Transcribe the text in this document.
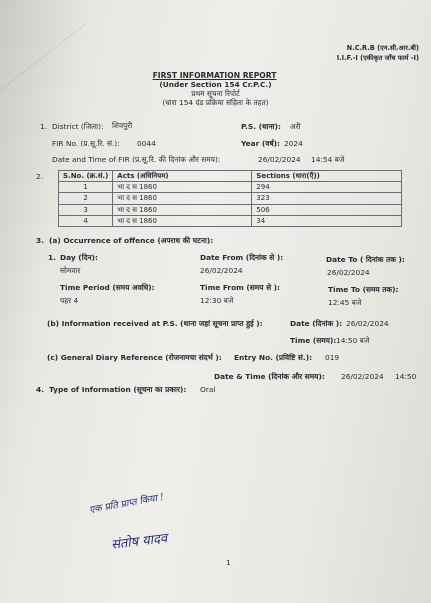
N.C.R.B (एन.सी.आर.बी)
I.I.F.-I (एकीकृत जाँच फार्म -I)
FIRST INFORMATION REPORT
(Under Section 154 Cr.P.C.)
प्रथम सूचना रिपोर्ट
(धारा 154 दंड प्रक्रिया संहिता के तहत)
1. District (जिला): शिवपुरी	P.S. (थाना): अरी
FIR No. (प्र.सू.रि. सं.): 0044	Year (वर्ष): 2024
Date and Time of FIR (प्र.सू.रि. की दिनांक और समय):	26/02/2024 14:54 बजे
2.	S.No. (क्र.सं.)	Acts (अधिनियम)	Sections (धारा(एँ))
1	भा द स 1860	294
2	भा द स 1860	323
3	भा द स 1860	506
4	भा द स 1860	34
3. (a) Occurrence of offence (अपराध की घटना):
1. Day (दिन):
सोमवार
Date From (दिनांक से ):
26/02/2024
Date To ( दिनांक तक ):
26/02/2024
Time Period (समय अवधि):
पहर 4
Time From (समय से ):
12:30 बजे
Time To (समय तक):
12:45 बजे
(b) Information received at P.S. (थाना जहां सूचना प्राप्त हुई ):	Date (दिनांक ): 26/02/2024
Time (समय): 14:50 बजे
(c) General Diary Reference (रोजनामचा संदर्भ ): Entry No. (प्रविष्टि सं.): 019
Date & Time (दिनांक और समय): 26/02/2024 14:50
4. Type of Information (सूचना का प्रकार): Oral
एक प्रति प्राप्त किया !
संतोष यादव
1
